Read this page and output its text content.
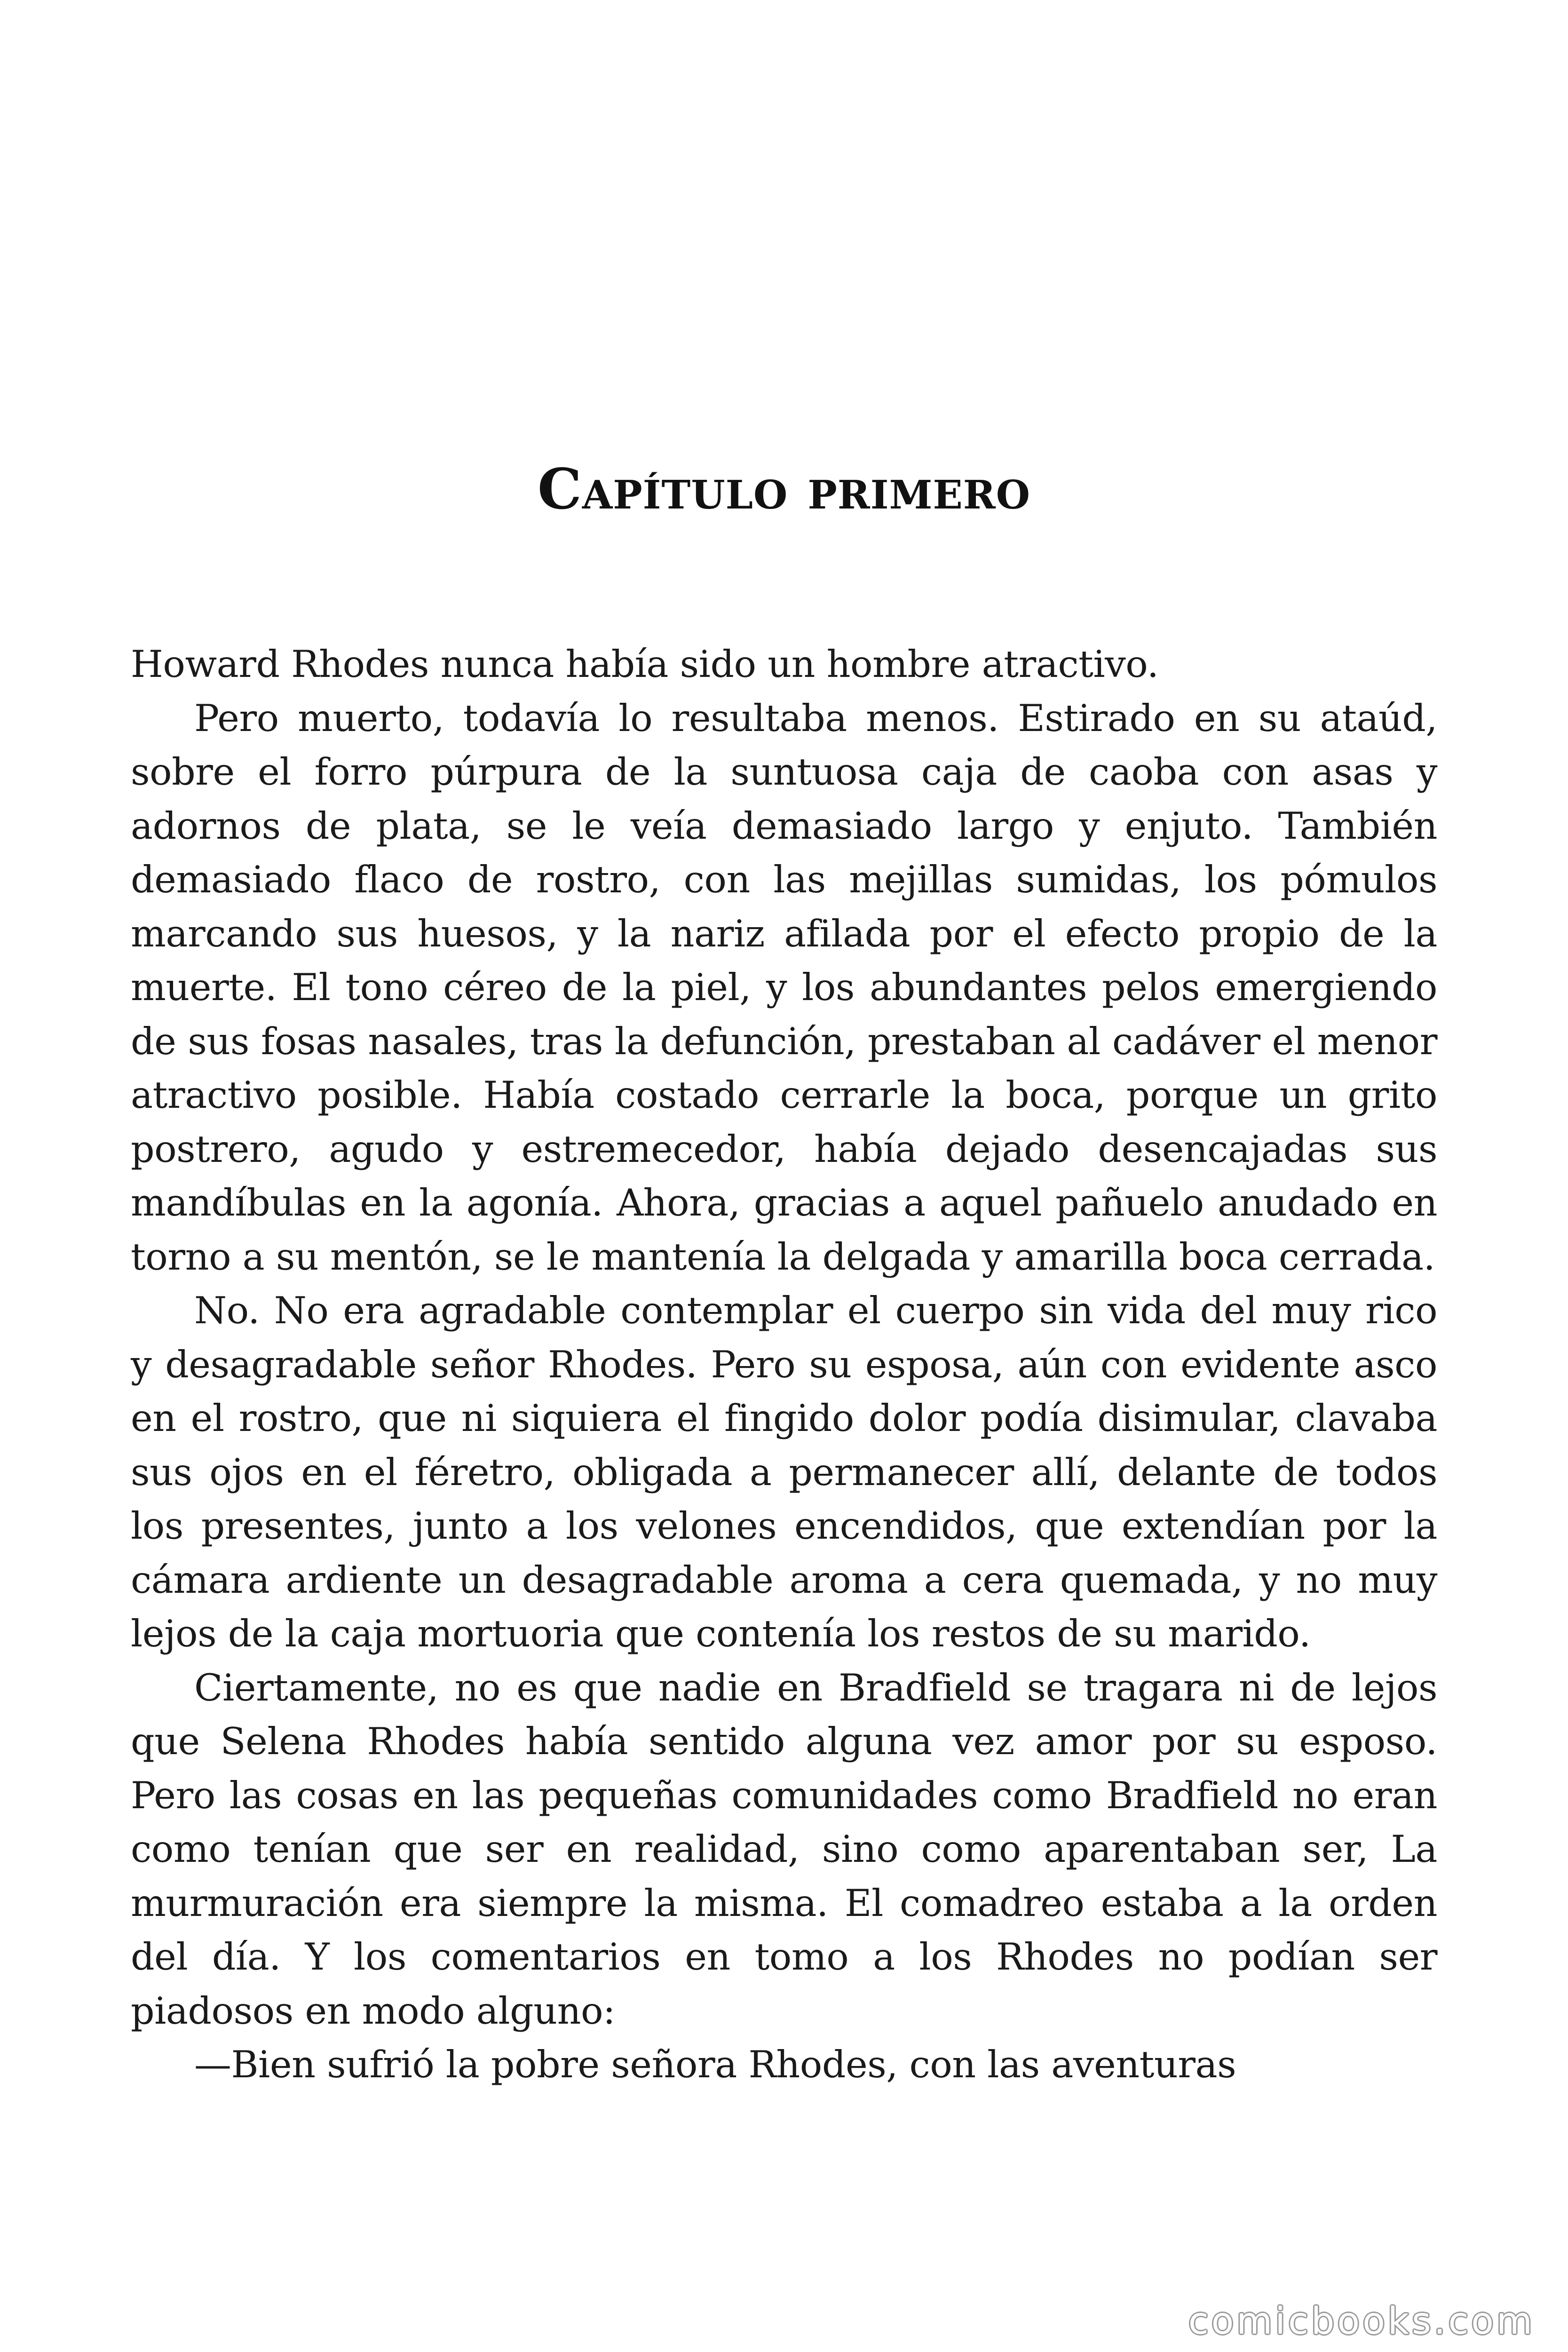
Capítulo primero

Howard Rhodes nunca había sido un hombre atractivo.

Pero muerto, todavía lo resultaba menos. Estirado en su ataúd, sobre el forro púrpura de la suntuosa caja de caoba con asas y adornos de plata, se le veía demasiado largo y enjuto. También demasiado flaco de rostro, con las mejillas sumidas, los pómulos marcando sus huesos, y la nariz afilada por el efecto propio de la muerte. El tono céreo de la piel, y los abundantes pelos emergiendo de sus fosas nasales, tras la defunción, prestaban al cadáver el menor atractivo posible. Había costado cerrarle la boca, porque un grito postrero, agudo y estremecedor, había dejado desencajadas sus mandíbulas en la agonía. Ahora, gracias a aquel pañuelo anudado en torno a su mentón, se le mantenía la delgada y amarilla boca cerrada.

No. No era agradable contemplar el cuerpo sin vida del muy rico y desagradable señor Rhodes. Pero su esposa, aún con evidente asco en el rostro, que ni siquiera el fingido dolor podía disimular, clavaba sus ojos en el féretro, obligada a permanecer allí, delante de todos los presentes, junto a los velones encendidos, que extendían por la cámara ardiente un desagradable aroma a cera quemada, y no muy lejos de la caja mortuoria que contenía los restos de su marido.

Ciertamente, no es que nadie en Bradfield se tragara ni de lejos que Selena Rhodes había sentido alguna vez amor por su esposo. Pero las cosas en las pequeñas comunidades como Bradfield no eran como tenían que ser en realidad, sino como aparentaban ser, La murmuración era siempre la misma. El comadreo estaba a la orden del día. Y los comentarios en tomo a los Rhodes no podían ser piadosos en modo alguno:

—Bien sufrió la pobre señora Rhodes, con las aventuras

comicbooks.com
